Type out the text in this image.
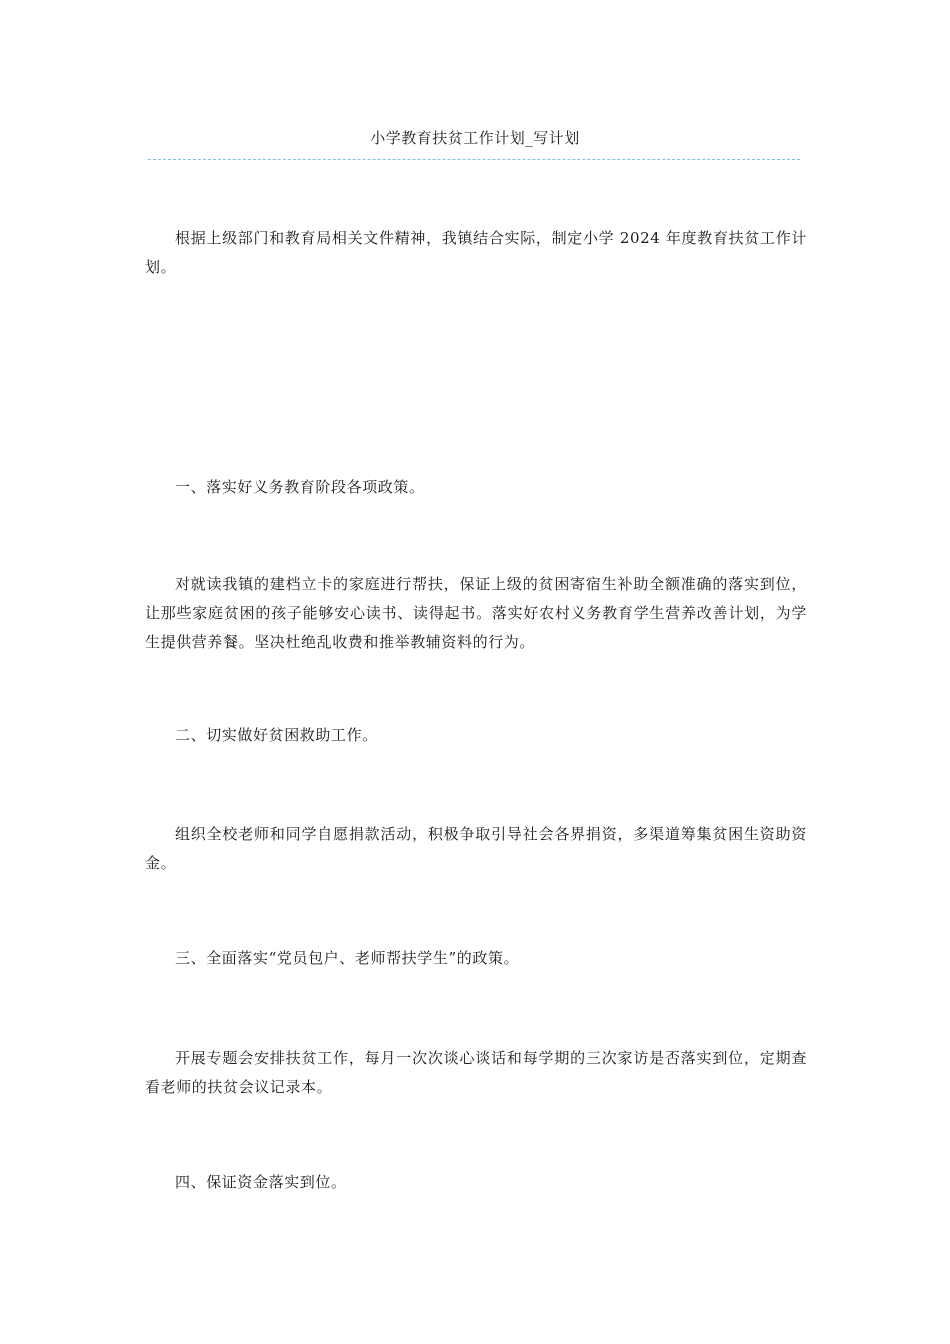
小学教育扶贫工作计划_写计划

根据上级部门和教育局相关文件精神，我镇结合实际，制定小学 2024 年度教育扶贫工作计划。

一、落实好义务教育阶段各项政策。

对就读我镇的建档立卡的家庭进行帮扶，保证上级的贫困寄宿生补助全额准确的落实到位，让那些家庭贫困的孩子能够安心读书、读得起书。落实好农村义务教育学生营养改善计划，为学生提供营养餐。坚决杜绝乱收费和推举教辅资料的行为。

二、切实做好贫困救助工作。

组织全校老师和同学自愿捐款活动，积极争取引导社会各界捐资，多渠道筹集贫困生资助资金。

三、全面落实“党员包户、老师帮扶学生”的政策。

开展专题会安排扶贫工作，每月一次次谈心谈话和每学期的三次家访是否落实到位，定期查看老师的扶贫会议记录本。

四、保证资金落实到位。
